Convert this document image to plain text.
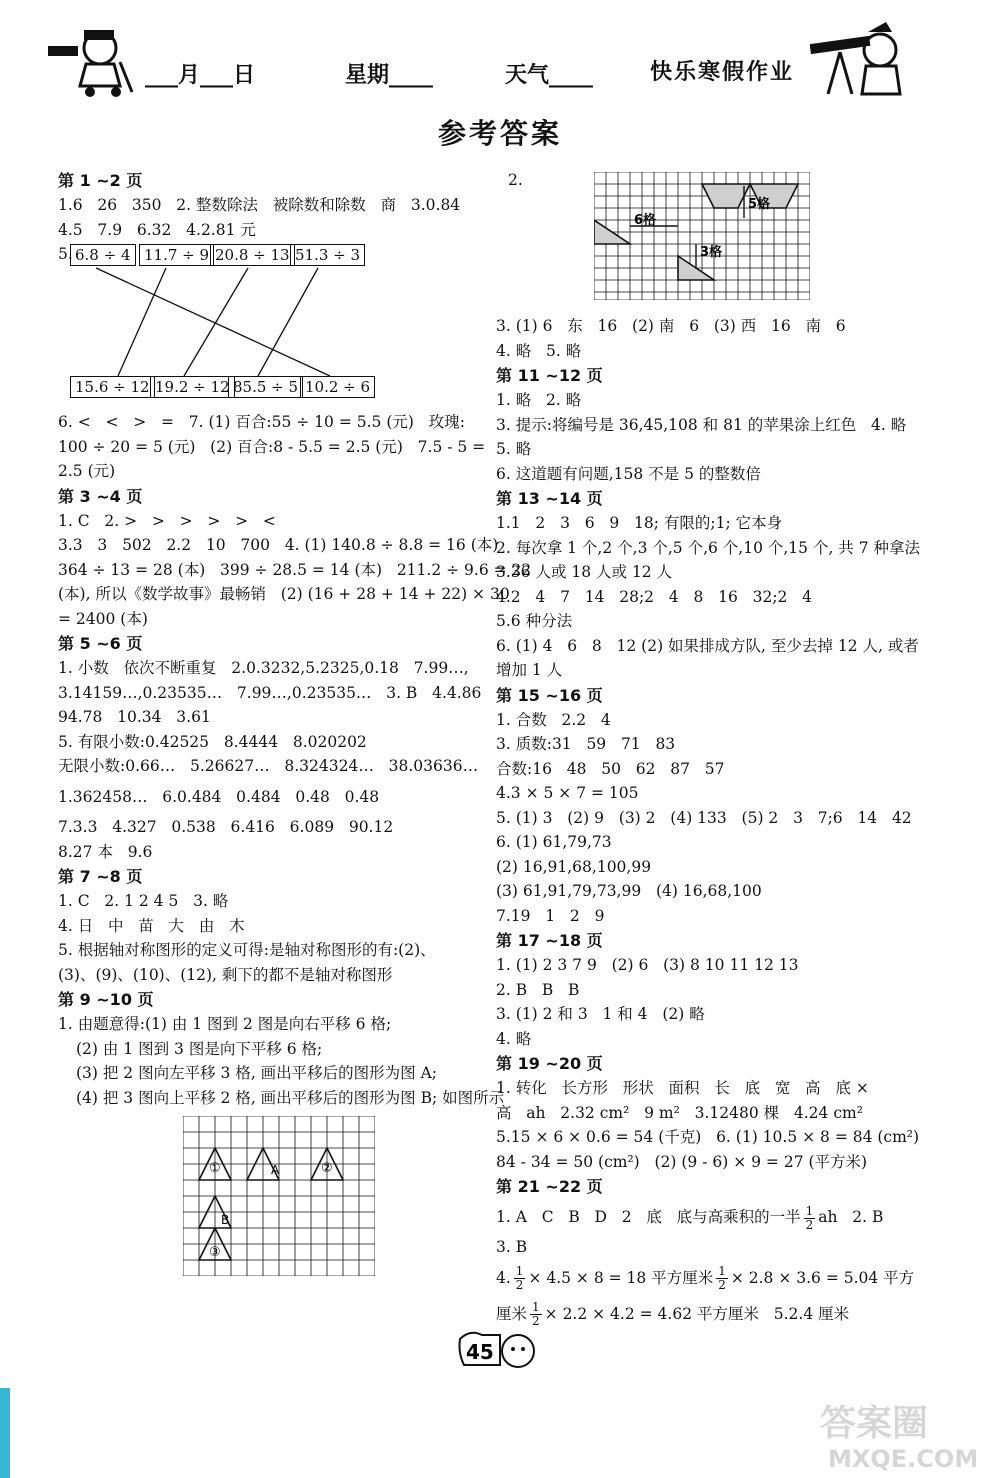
___月___日	星期____	天气____	快乐寒假作业
参考答案
第 1 ~2 页
1.6   26   350   2. 整数除法   被除数和除数   商   3.0.84
4.5   7.9   6.32   4.2.81 元
5. 6.8 ÷ 4 11.7 ÷ 9 20.8 ÷ 13 51.3 ÷ 3
15.6 ÷ 12 19.2 ÷ 12 85.5 ÷ 5 10.2 ÷ 6
6. <   <   >   =   7. (1) 百合:55 ÷ 10 = 5.5 (元)   玫瑰:
100 ÷ 20 = 5 (元)   (2) 百合:8 - 5.5 = 2.5 (元)   7.5 - 5 =
2.5 (元)
第 3 ~4 页
1. C   2. >   >   >   >   >   <
3.3   3   502   2.2   10   700   4. (1) 140.8 ÷ 8.8 = 16 (本)
364 ÷ 13 = 28 (本)   399 ÷ 28.5 = 14 (本)   211.2 ÷ 9.6 = 22
(本), 所以《数学故事》最畅销   (2) (16 + 28 + 14 + 22) × 30
= 2400 (本)
第 5 ~6 页
1. 小数   依次不断重复   2.0.3232,5.2325,0.18   7.99…,
3.14159…,0.23535…   7.99…,0.23535…   3. B   4.4.86
94.78   10.34   3.61
5. 有限小数:0.42525   8.4444   8.020202
无限小数:0.66…   5.26627…   8.324324…   38.03636…
1.362458…   6.0.484   0.484   0.48   0.48
7.3.3   4.327   0.538   6.416   6.089   90.12
8.27 本   9.6
第 7 ~8 页
1. C   2. 1 2 4 5   3. 略
4. 日   中   苗   大   由   木
5. 根据轴对称图形的定义可得:是轴对称图形的有:(2)、
(3)、(9)、(10)、(12), 剩下的都不是轴对称图形
第 9 ~10 页
1. 由题意得:(1) 由 1 图到 2 图是向右平移 6 格;
(2) 由 1 图到 3 图是向下平移 6 格;
(3) 把 2 图向左平移 3 格, 画出平移后的图形为图 A;
(4) 把 3 图向上平移 2 格, 画出平移后的图形为图 B; 如图所示
①	A	②
B
③
2.
6格
5格
3格
3. (1) 6   东   16   (2) 南   6   (3) 西   16   南   6
4. 略   5. 略
第 11 ~12 页
1. 略   2. 略
3. 提示:将编号是 36,45,108 和 81 的苹果涂上红色   4. 略
5. 略
6. 这道题有问题,158 不是 5 的整数倍
第 13 ~14 页
1.1   2   3   6   9   18; 有限的;1; 它本身
2. 每次拿 1 个,2 个,3 个,5 个,6 个,10 个,15 个, 共 7 种拿法
3.36 人或 18 人或 12 人
4.2   4   7   14   28;2   4   8   16   32;2   4
5.6 种分法
6. (1) 4   6   8   12 (2) 如果排成方队, 至少去掉 12 人, 或者
增加 1 人
第 15 ~16 页
1. 合数   2.2   4
3. 质数:31   59   71   83
合数:16   48   50   62   87   57
4.3 × 5 × 7 = 105
5. (1) 3   (2) 9   (3) 2   (4) 133   (5) 2   3   7;6   14   42
6. (1) 61,79,73
(2) 16,91,68,100,99
(3) 61,91,79,73,99   (4) 16,68,100
7.19   1   2   9
第 17 ~18 页
1. (1) 2 3 7 9   (2) 6   (3) 8 10 11 12 13
2. B   B   B
3. (1) 2 和 3   1 和 4   (2) 略
4. 略
第 19 ~20 页
1. 转化   长方形   形状   面积   长   底   宽   高   底 ×
高   ah   2.32 cm²   9 m²   3.12480 棵   4.24 cm²
5.15 × 6 × 0.6 = 54 (千克)   6. (1) 10.5 × 8 = 84 (cm²)
84 - 34 = 50 (cm²)   (2) (9 - 6) × 9 = 27 (平方米)
第 21 ~22 页
1. A   C   B   D   2   底   底与高乘积的一半 $\frac{1}{2}$ ah   2. B
3. B
4. $\frac{1}{2} \times 4.5 \times 8 = 18$ 平方厘米 $\frac{1}{2} \times 2.8 \times 3.6 = 5.04$ 平方
厘米 $\frac{1}{2} \times 2.2 \times 4.2 = 4.62$ 平方厘米   5.2.4 厘米
45
答案圈
MXQE.COM
